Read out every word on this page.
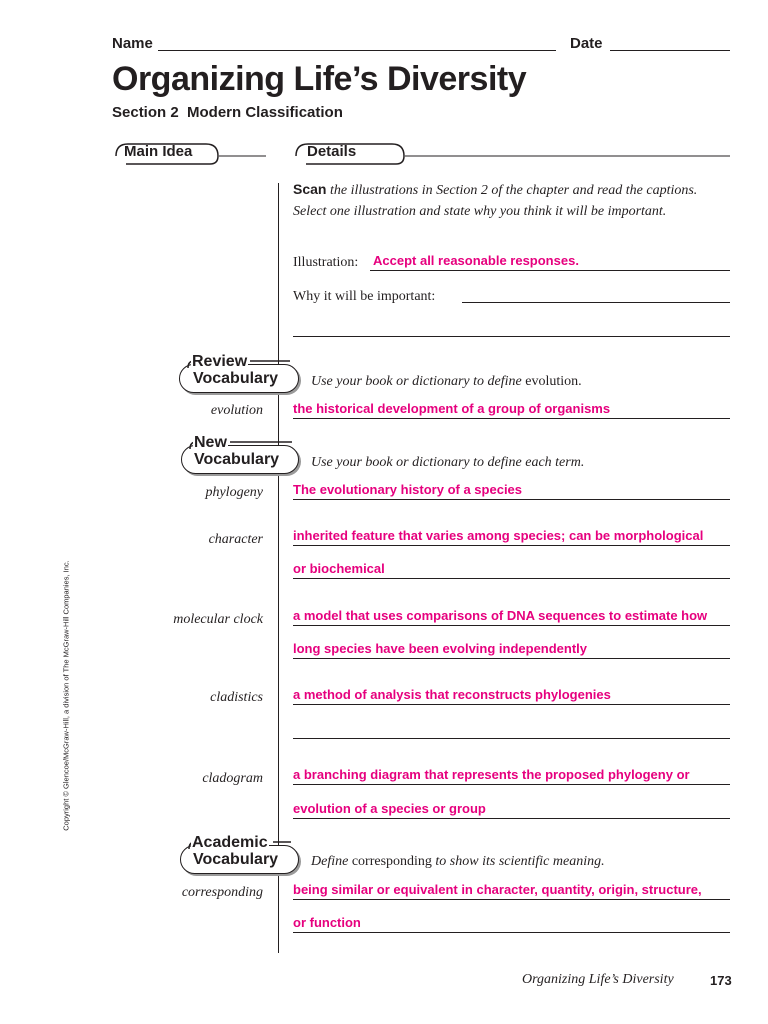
Name	Date
Organizing Life’s Diversity
Section 2  Modern Classification
Main Idea	Details
Scan the illustrations in Section 2 of the chapter and read the captions. Select one illustration and state why you think it will be important.
Illustration: Accept all reasonable responses.
Why it will be important:
Review
Vocabulary Use your book or dictionary to define evolution.
evolution the historical development of a group of organisms
New
Vocabulary Use your book or dictionary to define each term.
phylogeny The evolutionary history of a species
character inherited feature that varies among species; can be morphological
or biochemical
molecular clock a model that uses comparisons of DNA sequences to estimate how
long species have been evolving independently
cladistics a method of analysis that reconstructs phylogenies
cladogram a branching diagram that represents the proposed phylogeny or
evolution of a species or group
Academic
Vocabulary Define corresponding to show its scientific meaning.
corresponding being similar or equivalent in character, quantity, origin, structure,
or function
Copyright © Glencoe/McGraw-Hill, a division of The McGraw-Hill Companies, Inc.
Organizing Life’s Diversity	173
